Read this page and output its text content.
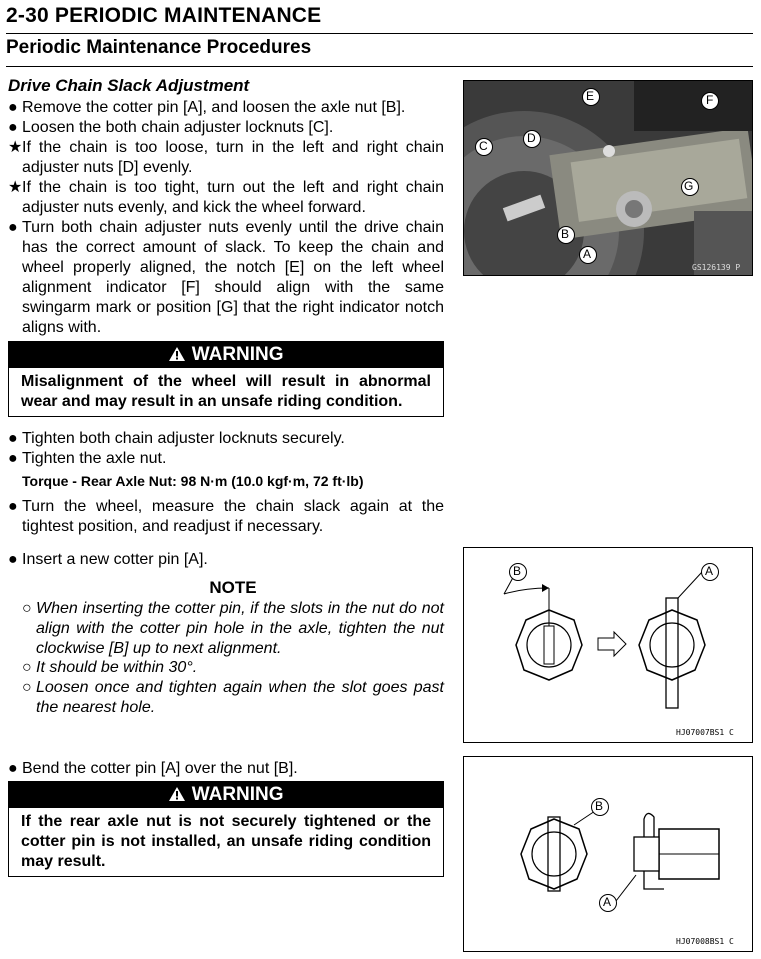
2-30 PERIODIC MAINTENANCE
Periodic Maintenance Procedures
Drive Chain Slack Adjustment
● Remove the cotter pin [A], and loosen the axle nut [B].
● Loosen the both chain adjuster locknuts [C].
★ If the chain is too loose, turn in the left and right chain adjuster nuts [D] evenly.
★ If the chain is too tight, turn out the left and right chain adjuster nuts evenly, and kick the wheel forward.
● Turn both chain adjuster nuts evenly until the drive chain has the correct amount of slack. To keep the chain and wheel properly aligned, the notch [E] on the left wheel alignment indicator [F] should align with the same swingarm mark or position [G] that the right indicator notch aligns with.
WARNING
Misalignment of the wheel will result in abnormal wear and may result in an unsafe riding condition.
● Tighten both chain adjuster locknuts securely.
● Tighten the axle nut.
Torque - Rear Axle Nut: 98 N·m (10.0 kgf·m, 72 ft·lb)
● Turn the wheel, measure the chain slack again at the tightest position, and readjust if necessary.
● Insert a new cotter pin [A].
NOTE
○ When inserting the cotter pin, if the slots in the nut do not align with the cotter pin hole in the axle, tighten the nut clockwise [B] up to next alignment.
○ It should be within 30°.
○ Loosen once and tighten again when the slot goes past the nearest hole.
● Bend the cotter pin [A] over the nut [B].
WARNING
If the rear axle nut is not securely tightened or the cotter pin is not installed, an unsafe riding condition may result.
E	F
C
D
G
B
A
GS126139 P
B	A
HJ07007BS1 C
B
A
HJ07008BS1 C
